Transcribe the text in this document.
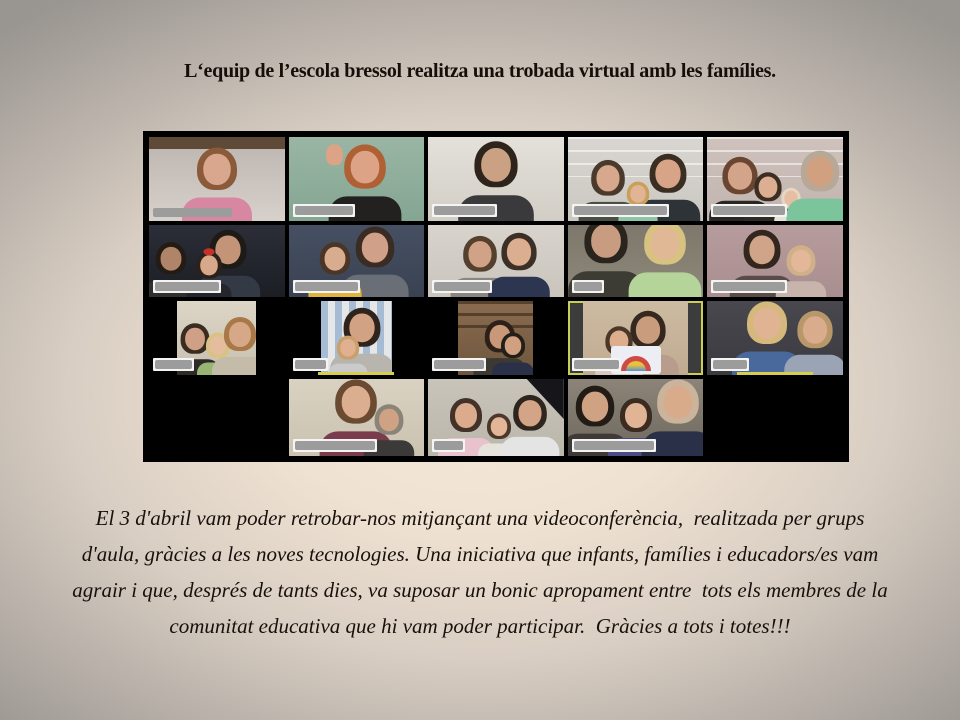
L‘equip de l’escola bressol realitza una trobada virtual amb les famílies.
El 3 d'abril vam poder retrobar-nos mitjançant una videoconferència,  realitzada per grups
d'aula, gràcies a les noves tecnologies. Una iniciativa que infants, famílies i educadors/es vam
agrair i que, després de tants dies, va suposar un bonic apropament entre  tots els membres de la
comunitat educativa que hi vam poder participar.  Gràcies a tots i totes!!!
